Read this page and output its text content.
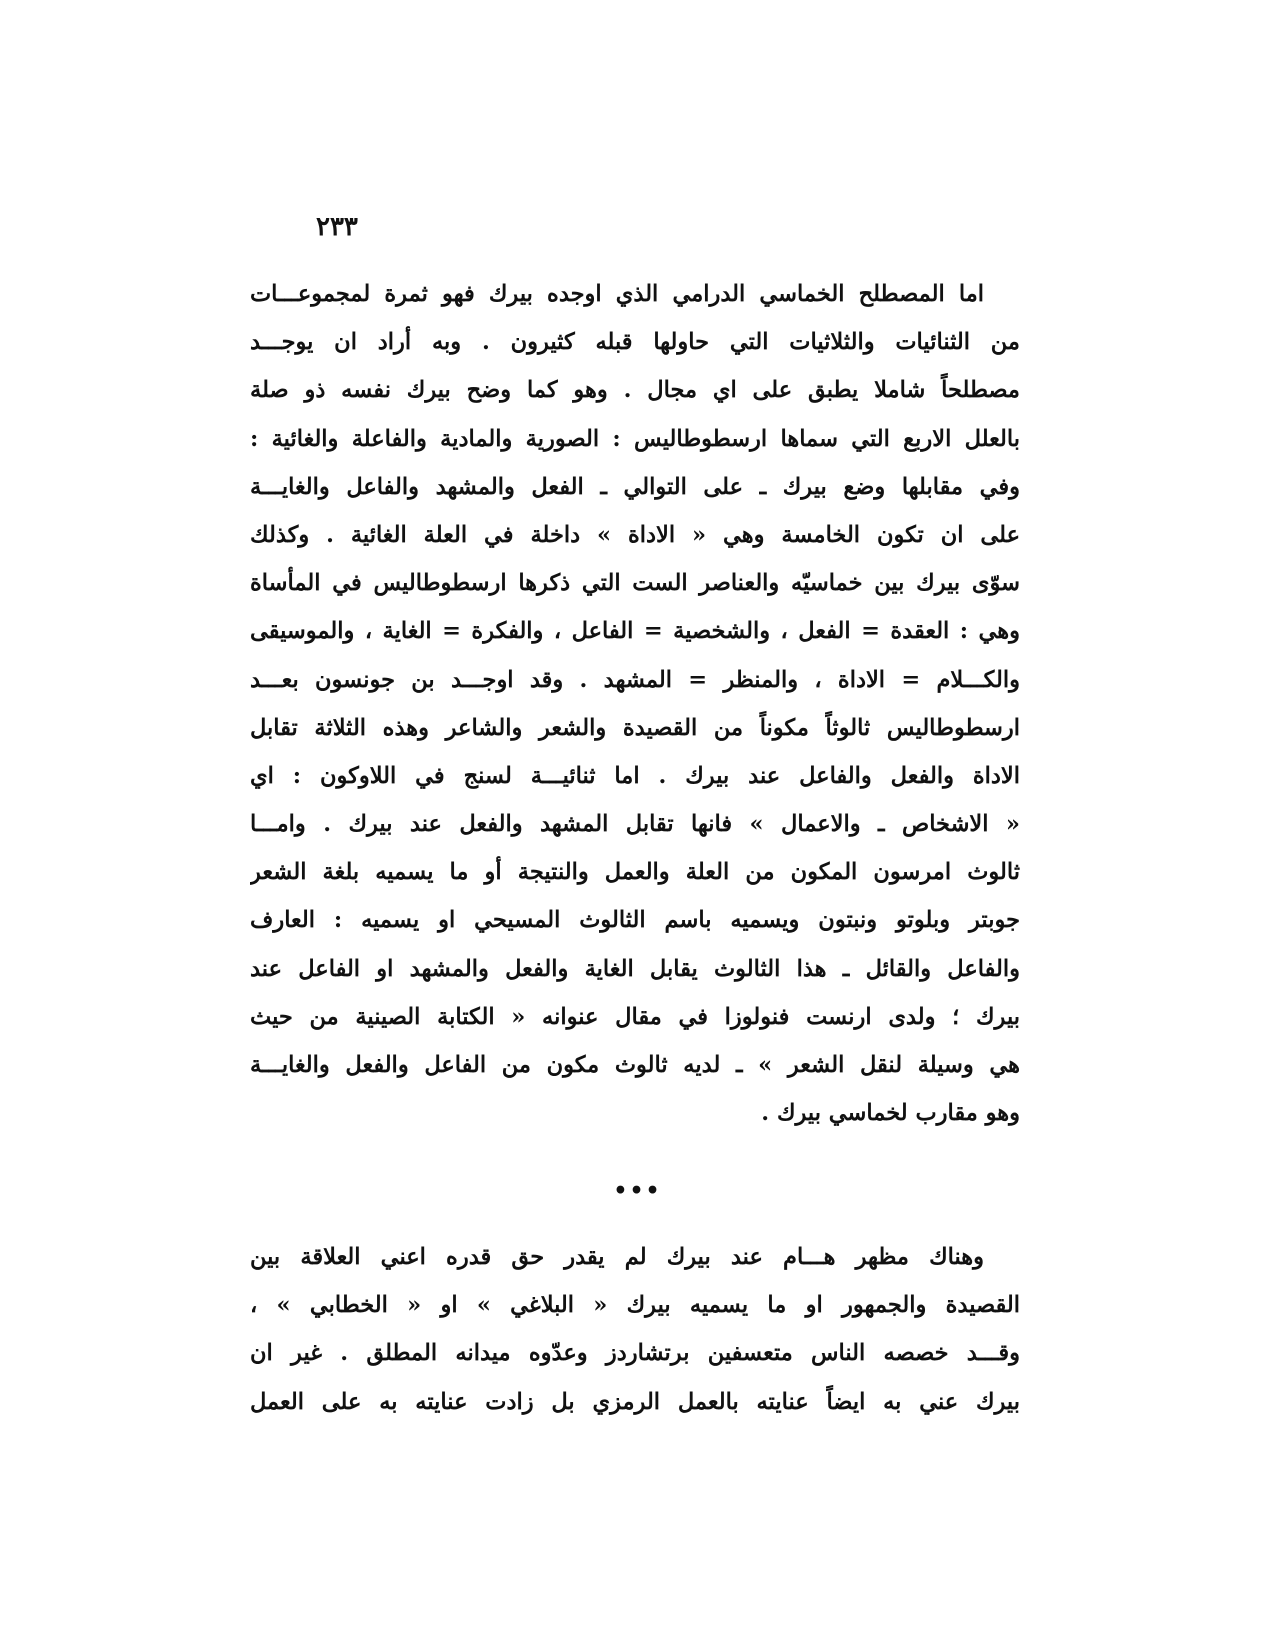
٢٣٣
اما المصطلح الخماسي الدرامي الذي اوجده بيرك فهو ثمرة لمجموعـــات
من الثنائيات والثلاثيات التي حاولها قبله كثيرون . وبه أراد ان يوجـــد
مصطلحاً شاملا يطبق على اي مجال . وهو كما وضح بيرك نفسه ذو صلة
بالعلل الاربع التي سماها ارسطوطاليس : الصورية والمادية والفاعلة والغائية :
وفي مقابلها وضع بيرك ـ على التوالي ـ الفعل والمشهد والفاعل والغايـــة
على ان تكون الخامسة وهي « الاداة » داخلة في العلة الغائية . وكذلك
سوّى بيرك بين خماسيّه والعناصر الست التي ذكرها ارسطوطاليس في المأساة
وهي : العقدة = الفعل ، والشخصية = الفاعل ، والفكرة = الغاية ، والموسيقى
والكـــلام = الاداة ، والمنظر = المشهد . وقد اوجـــد بن جونسون بعـــد
ارسطوطاليس ثالوثاً مكوناً من القصيدة والشعر والشاعر وهذه الثلاثة تقابل
الاداة والفعل والفاعل عند بيرك . اما ثنائيـــة لسنج في اللاوكون : اي
« الاشخاص ـ والاعمال » فانها تقابل المشهد والفعل عند بيرك . وامـــا
ثالوث امرسون المكون من العلة والعمل والنتيجة أو ما يسميه بلغة الشعر
جوبتر وبلوتو ونبتون ويسميه باسم الثالوث المسيحي او يسميه : العارف
والفاعل والقائل ـ هذا الثالوث يقابل الغاية والفعل والمشهد او الفاعل عند
بيرك ؛ ولدى ارنست فنولوزا في مقال عنوانه « الكتابة الصينية من حيث
هي وسيلة لنقل الشعر » ـ لديه ثالوث مكون من الفاعل والفعل والغايـــة
وهو مقارب لخماسي بيرك .
•••
وهناك مظهر هـــام عند بيرك لم يقدر حق قدره اعني العلاقة بين
القصيدة والجمهور او ما يسميه بيرك « البلاغي » او « الخطابي » ،
وقـــد خصصه الناس متعسفين برتشاردز وعدّوه ميدانه المطلق . غير ان
بيرك عني به ايضاً عنايته بالعمل الرمزي بل زادت عنايته به على العمل
